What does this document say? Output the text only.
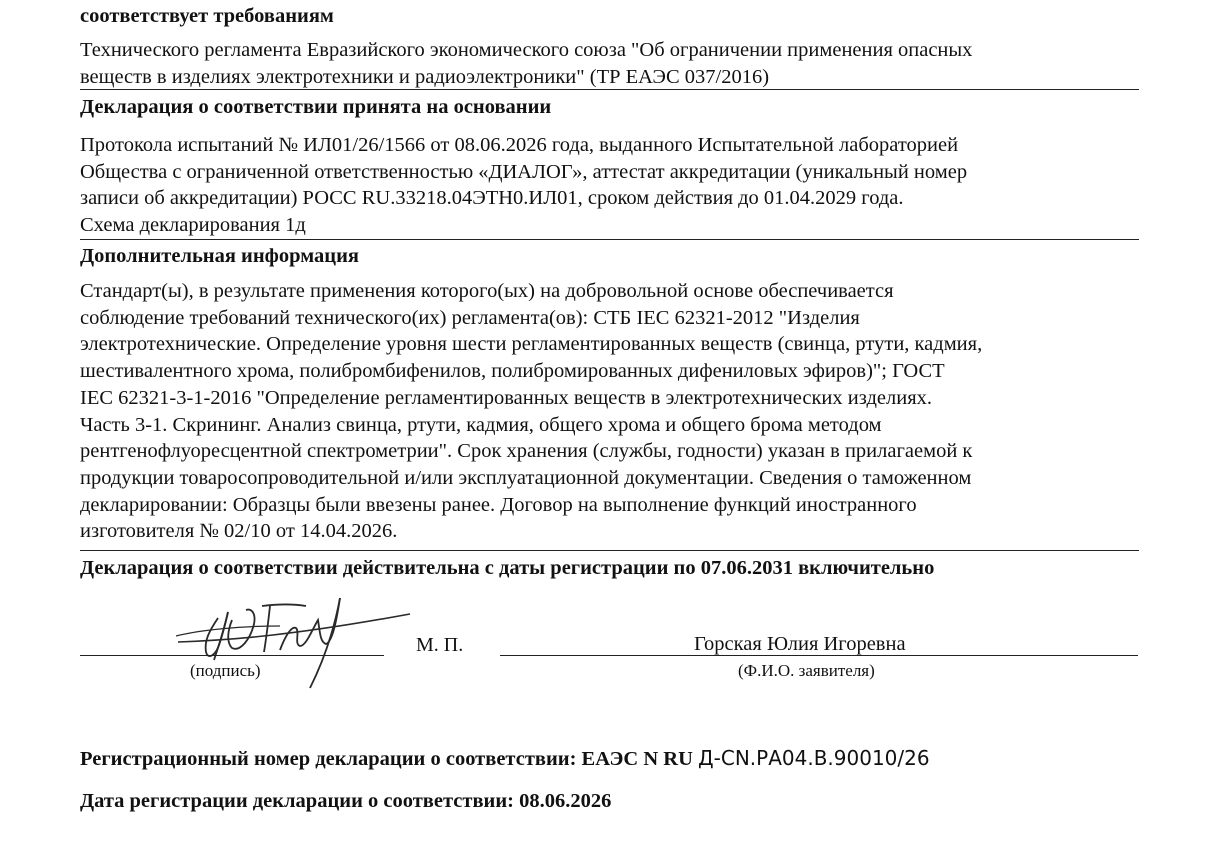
соответствует требованиям
Технического регламента Евразийского экономического союза "Об ограничении применения опасных
веществ в изделиях электротехники и радиоэлектроники" (ТР ЕАЭС 037/2016)
Декларация о соответствии принята на основании
Протокола испытаний № ИЛ01/26/1566 от 08.06.2026 года, выданного Испытательной лабораторией
Общества с ограниченной ответственностью «ДИАЛОГ», аттестат аккредитации (уникальный номер
записи об аккредитации) РОСС RU.33218.04ЭТН0.ИЛ01, сроком действия до 01.04.2029 года.
Схема декларирования 1д
Дополнительная информация
Стандарт(ы), в результате применения которого(ых) на добровольной основе обеспечивается
соблюдение требований технического(их) регламента(ов): СТБ IEC 62321-2012 "Изделия
электротехнические. Определение уровня шести регламентированных веществ (свинца, ртути, кадмия,
шестивалентного хрома, полибромбифенилов, полибромированных дифениловых эфиров)"; ГОСТ
IEC 62321-3-1-2016 "Определение регламентированных веществ в электротехнических изделиях.
Часть 3-1. Скрининг. Анализ свинца, ртути, кадмия, общего хрома и общего брома методом
рентгенофлуоресцентной спектрометрии". Срок хранения (службы, годности) указан в прилагаемой к
продукции товаросопроводительной и/или эксплуатационной документации. Сведения о таможенном
декларировании: Образцы были ввезены ранее. Договор на выполнение функций иностранного
изготовителя № 02/10 от 14.04.2026.
Декларация о соответствии действительна с даты регистрации по 07.06.2031 включительно
(подпись)
М. П.	Горская Юлия Игоревна
(Ф.И.О. заявителя)
Регистрационный номер декларации о соответствии: ЕАЭС N RU Д-CN.РА04.В.90010/26
Дата регистрации декларации о соответствии: 08.06.2026
